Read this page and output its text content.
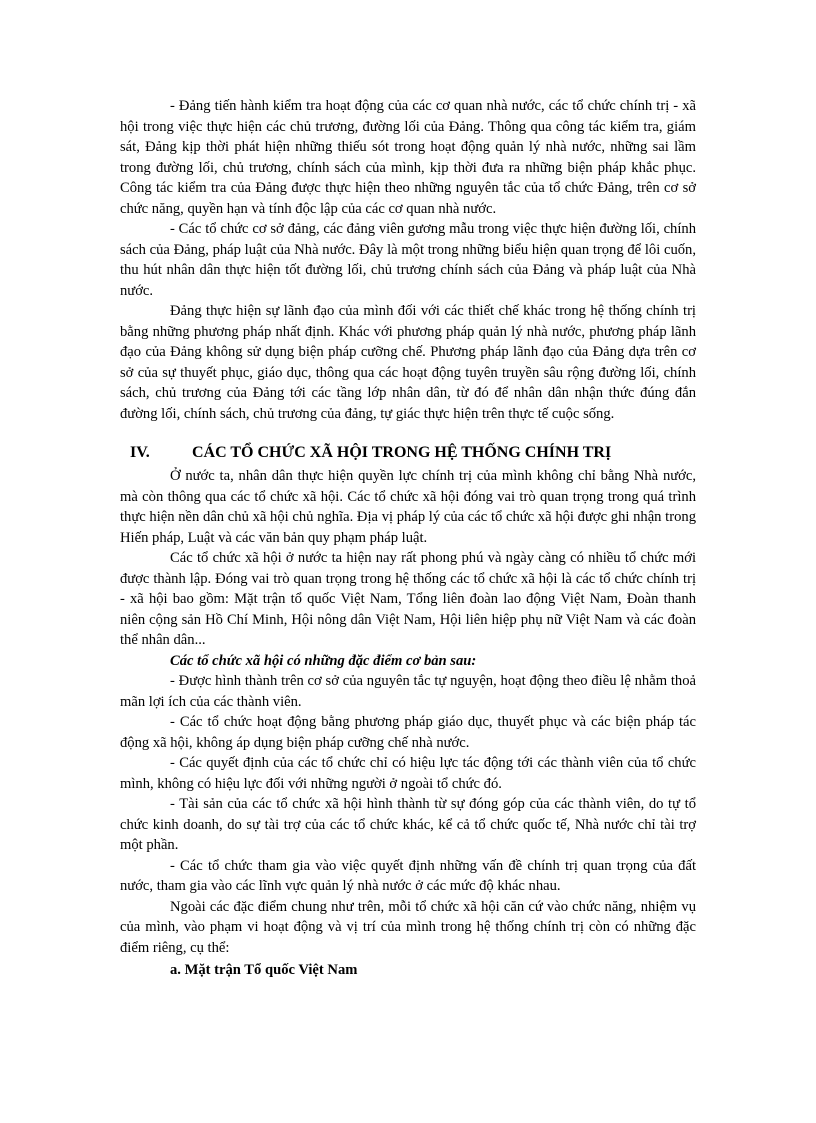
- Đảng tiến hành kiểm tra hoạt động của các cơ quan nhà nước, các tổ chức chính trị - xã hội trong việc thực hiện các chủ trương, đường lối của Đảng. Thông qua công tác kiểm tra, giám sát, Đảng kịp thời phát hiện những thiếu sót trong hoạt động quản lý nhà nước, những sai lầm trong đường lối, chủ trương, chính sách của mình, kịp thời đưa ra những biện pháp khắc phục. Công tác kiểm tra của Đảng được thực hiện theo những nguyên tắc của tổ chức Đảng, trên cơ sở chức năng, quyền hạn và tính độc lập của các cơ quan nhà nước.

- Các tổ chức cơ sở đảng, các đảng viên gương mẫu trong việc thực hiện đường lối, chính sách của Đảng, pháp luật của Nhà nước. Đây là một trong những biểu hiện quan trọng để lôi cuốn, thu hút nhân dân thực hiện tốt đường lối, chủ trương chính sách của Đảng và pháp luật của Nhà nước.

Đảng thực hiện sự lãnh đạo của mình đối với các thiết chế khác trong hệ thống chính trị bằng những phương pháp nhất định. Khác với phương pháp quản lý nhà nước, phương pháp lãnh đạo của Đảng không sử dụng biện pháp cưỡng chế. Phương pháp lãnh đạo của Đảng dựa trên cơ sở của sự thuyết phục, giáo dục, thông qua các hoạt động tuyên truyền sâu rộng đường lối, chính sách, chủ trương của Đảng tới các tầng lớp nhân dân, từ đó để nhân dân nhận thức đúng đắn đường lối, chính sách, chủ trương của đảng, tự giác thực hiện trên thực tế cuộc sống.

IV.	CÁC TỔ CHỨC XÃ HỘI TRONG HỆ THỐNG CHÍNH TRỊ

Ở nước ta, nhân dân thực hiện quyền lực chính trị của mình không chỉ bằng Nhà nước, mà còn thông qua các tổ chức xã hội. Các tổ chức xã hội đóng vai trò quan trọng trong quá trình thực hiện nền dân chủ xã hội chủ nghĩa. Địa vị pháp lý của các tổ chức xã hội được ghi nhận trong Hiến pháp, Luật và các văn bản quy phạm pháp luật.

Các tổ chức xã hội ở nước ta hiện nay rất phong phú và ngày càng có nhiều tổ chức mới được thành lập. Đóng vai trò quan trọng trong hệ thống các tổ chức xã hội là các tổ chức chính trị - xã hội bao gồm: Mặt trận tổ quốc Việt Nam, Tổng liên đoàn lao động Việt Nam, Đoàn thanh niên cộng sản Hồ Chí Minh, Hội nông dân Việt Nam, Hội liên hiệp phụ nữ Việt Nam và các đoàn thể nhân dân...

Các tổ chức xã hội có những đặc điểm cơ bản sau:

- Được hình thành trên cơ sở của nguyên tắc tự nguyện, hoạt động theo điều lệ nhằm thoả mãn lợi ích của các thành viên.

- Các tổ chức hoạt động bằng phương pháp giáo dục, thuyết phục và các biện pháp tác động xã hội, không áp dụng biện pháp cưỡng chế nhà nước.

- Các quyết định của các tổ chức chỉ có hiệu lực tác động tới các thành viên của tổ chức mình, không có hiệu lực đối với những người ở ngoài tổ chức đó.

- Tài sản của các tổ chức xã hội hình thành từ sự đóng góp của các thành viên, do tự tổ chức kinh doanh, do sự tài trợ của các tổ chức khác, kể cả tổ chức quốc tế, Nhà nước chỉ tài trợ một phần.

- Các tổ chức tham gia vào việc quyết định những vấn đề chính trị quan trọng của đất nước, tham gia vào các lĩnh vực quản lý nhà nước ở các mức độ khác nhau.

Ngoài các đặc điểm chung như trên, mỗi tổ chức xã hội căn cứ vào chức năng, nhiệm vụ của mình, vào phạm vi hoạt động và vị trí của mình trong hệ thống chính trị còn có những đặc điểm riêng, cụ thể:

a. Mặt trận Tổ quốc Việt Nam
